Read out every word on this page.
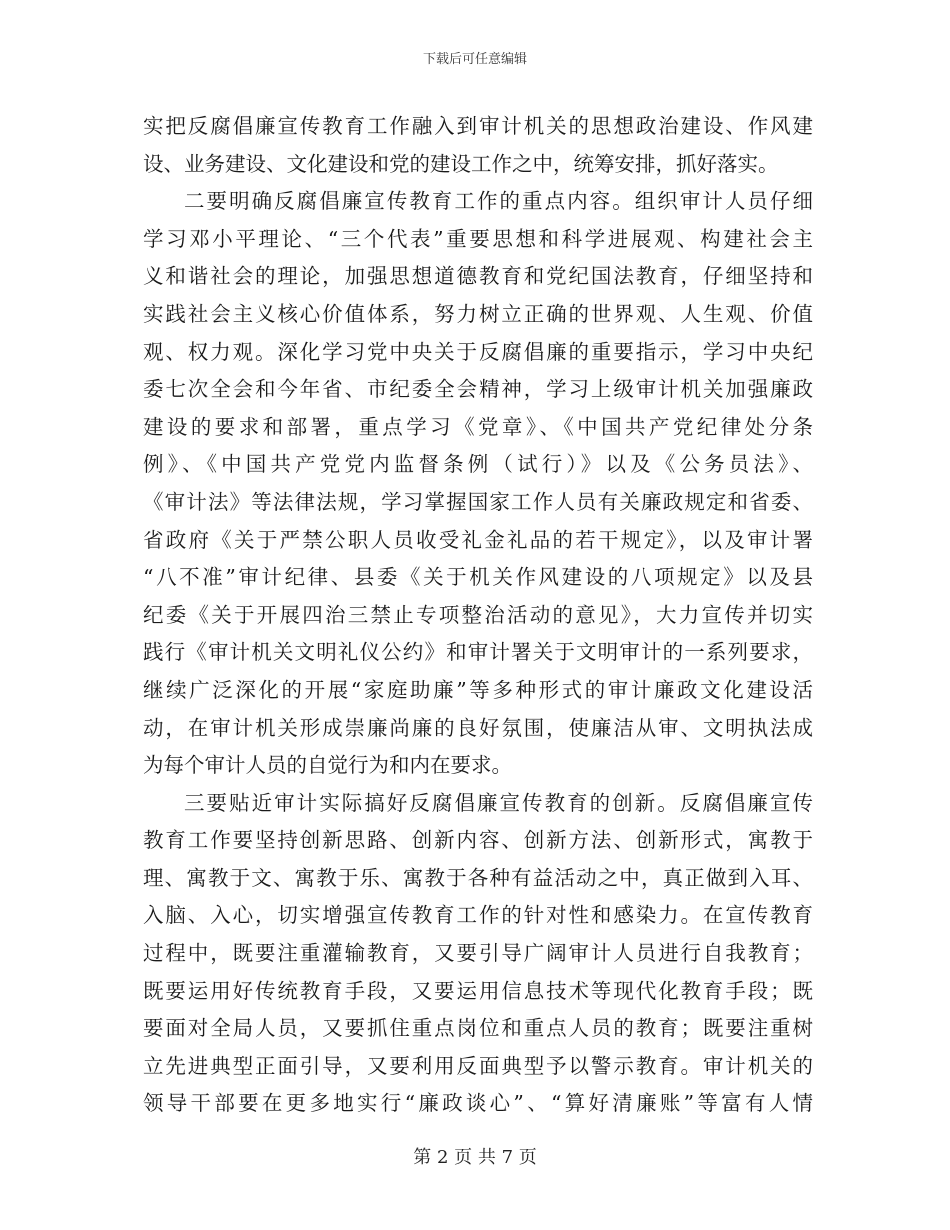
下载后可任意编辑
实把反腐倡廉宣传教育工作融入到审计机关的思想政治建设、作风建
设、业务建设、文化建设和党的建设工作之中，统筹安排，抓好落实。
二要明确反腐倡廉宣传教育工作的重点内容。组织审计人员仔细
学习邓小平理论、“三个代表”重要思想和科学进展观、构建社会主
义和谐社会的理论，加强思想道德教育和党纪国法教育，仔细坚持和
实践社会主义核心价值体系，努力树立正确的世界观、人生观、价值
观、权力观。深化学习党中央关于反腐倡廉的重要指示，学习中央纪
委七次全会和今年省、市纪委全会精神，学习上级审计机关加强廉政
建设的要求和部署，重点学习《党章》、《中国共产党纪律处分条
例》、《中国共产党党内监督条例（试行）》以及《公务员法》、
《审计法》等法律法规，学习掌握国家工作人员有关廉政规定和省委、
省政府《关于严禁公职人员收受礼金礼品的若干规定》，以及审计署
“八不准”审计纪律、县委《关于机关作风建设的八项规定》以及县
纪委《关于开展四治三禁止专项整治活动的意见》，大力宣传并切实
践行《审计机关文明礼仪公约》和审计署关于文明审计的一系列要求，
继续广泛深化的开展“家庭助廉”等多种形式的审计廉政文化建设活
动，在审计机关形成崇廉尚廉的良好氛围，使廉洁从审、文明执法成
为每个审计人员的自觉行为和内在要求。
三要贴近审计实际搞好反腐倡廉宣传教育的创新。反腐倡廉宣传
教育工作要坚持创新思路、创新内容、创新方法、创新形式，寓教于
理、寓教于文、寓教于乐、寓教于各种有益活动之中，真正做到入耳、
入脑、入心，切实增强宣传教育工作的针对性和感染力。在宣传教育
过程中，既要注重灌输教育，又要引导广阔审计人员进行自我教育；
既要运用好传统教育手段，又要运用信息技术等现代化教育手段；既
要面对全局人员，又要抓住重点岗位和重点人员的教育；既要注重树
立先进典型正面引导，又要利用反面典型予以警示教育。审计机关的
领导干部要在更多地实行“廉政谈心”、“算好清廉账”等富有人情
第 2 页 共 7 页
